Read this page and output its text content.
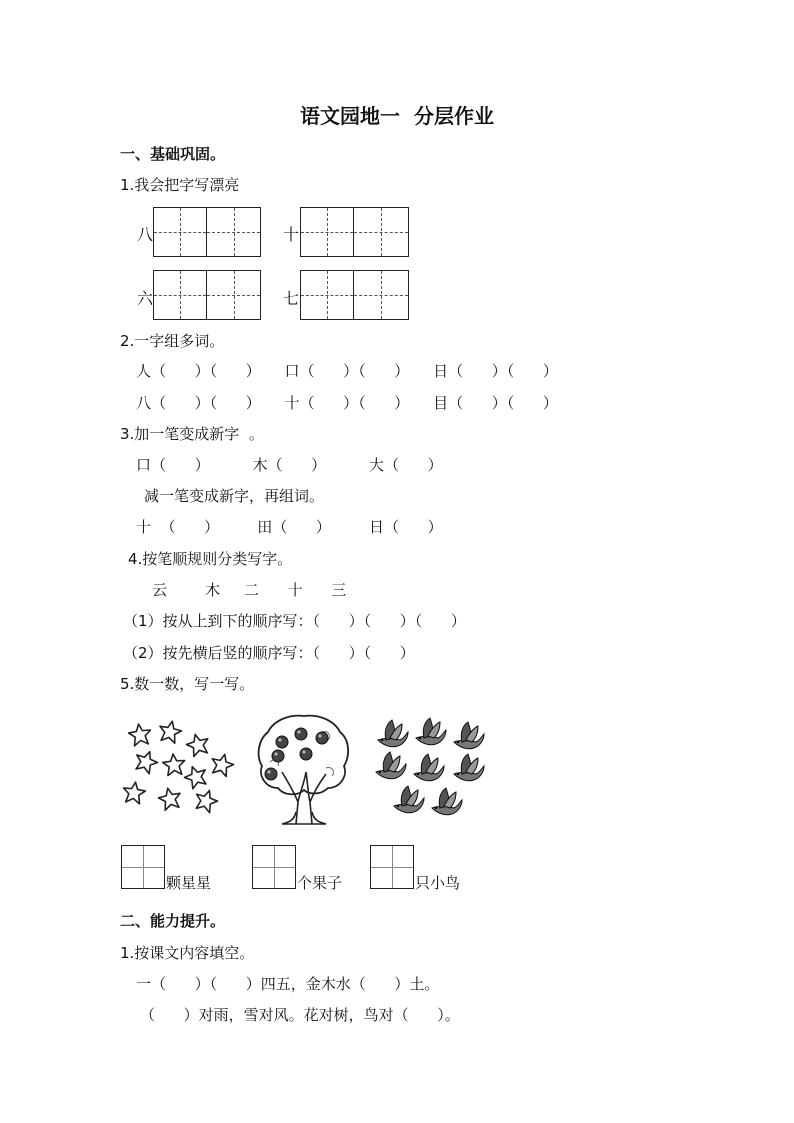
语文园地一  分层作业
一、基础巩固。
1.我会把字写漂亮
八	十
六	七
2.一字组多词。
人（      ）（      ）     口（      ）（      ）     日（      ）（      ）
八（      ）（      ）     十（      ）（      ）     目（      ）（      ）
3.加一笔变成新字  。
口（      ）         木（      ）         大（      ）
减一笔变成新字，再组词。
十  （      ）        田（      ）        日（      ）
4.按笔顺规则分类写字。
云        木     二      十      三
（1）按从上到下的顺序写：（      ）（      ）（      ）
（2）按先横后竖的顺序写：（      ）（      ）
5.数一数，写一写。
颗星星	个果子	只小鸟
二、能力提升。
1.按课文内容填空。
一（      ）（      ）四五，金木水（      ）土。
（      ）对雨，雪对风。花对树，鸟对（      ）。
